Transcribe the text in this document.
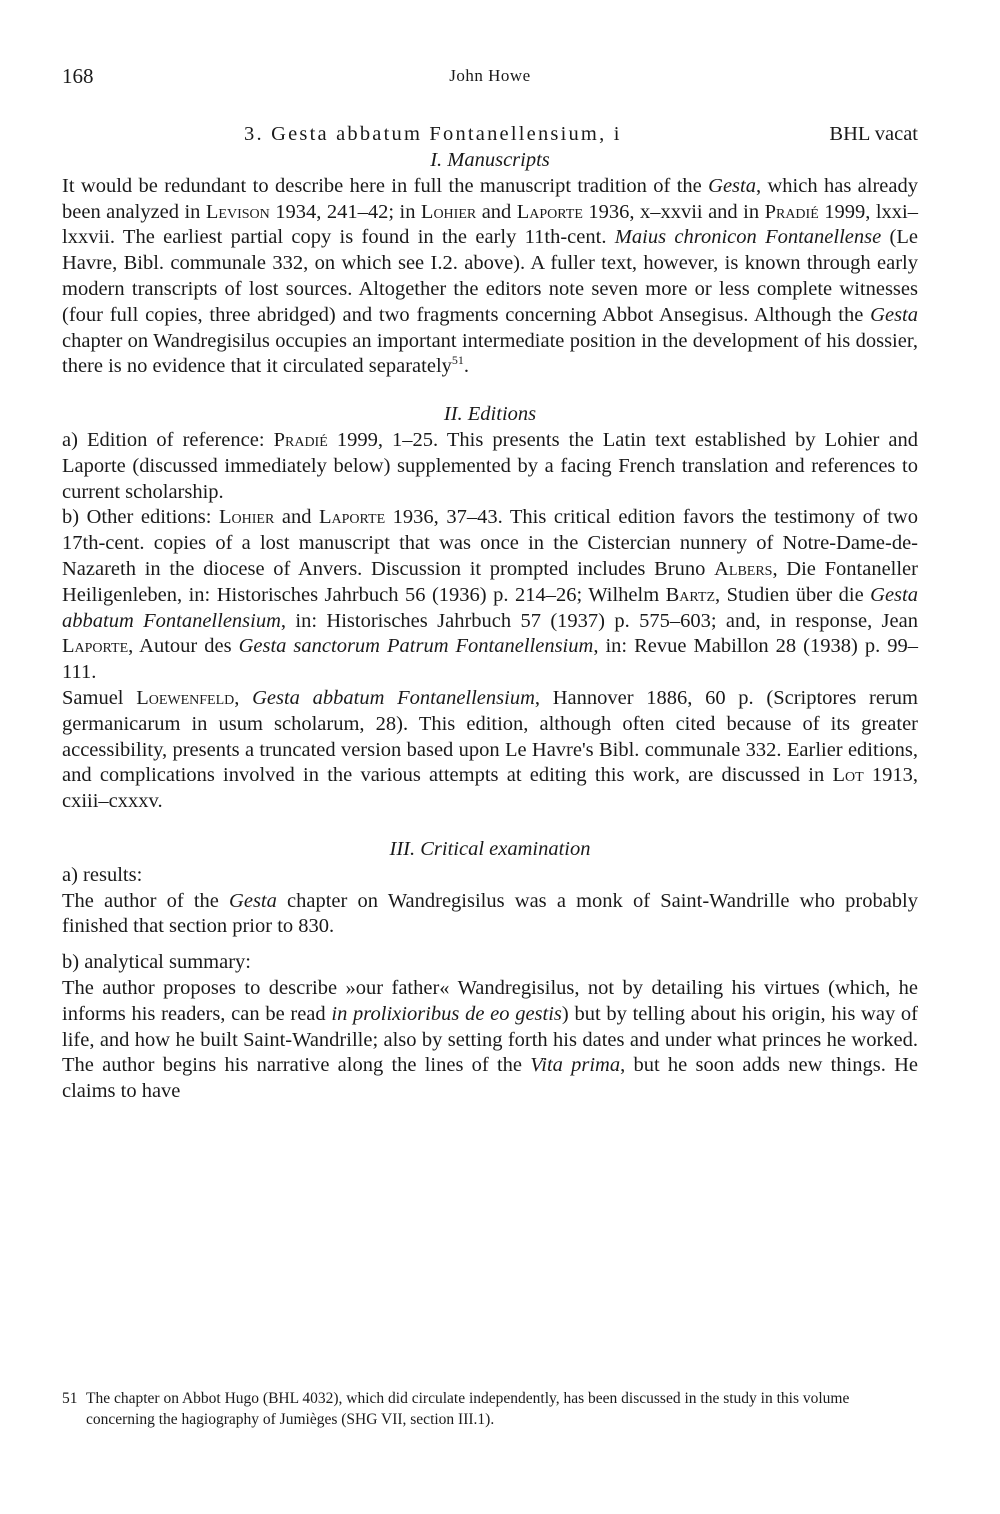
168	John Howe
3. Gesta abbatum Fontanellensium, i	BHL vacat
I. Manuscripts

It would be redundant to describe here in full the manuscript tradition of the Gesta, which has already been analyzed in Levison 1934, 241–42; in Lohier and Laporte 1936, x–xxvii and in Pradié 1999, lxxi–lxxvii. The earliest partial copy is found in the early 11th-cent. Maius chronicon Fontanellense (Le Havre, Bibl. communale 332, on which see I.2. above). A fuller text, however, is known through early modern transcripts of lost sources. Altogether the editors note seven more or less complete witnesses (four full copies, three abridged) and two fragments concerning Abbot Ansegisus. Although the Gesta chapter on Wandregisilus occupies an important intermediate position in the development of his dossier, there is no evidence that it circulated separately$^{51}$.

II. Editions

a) Edition of reference: Pradié 1999, 1–25. This presents the Latin text established by Lohier and Laporte (discussed immediately below) supplemented by a facing French translation and references to current scholarship.

b) Other editions: Lohier and Laporte 1936, 37–43. This critical edition favors the testimony of two 17th-cent. copies of a lost manuscript that was once in the Cistercian nunnery of Notre-Dame-de-Nazareth in the diocese of Anvers. Discussion it prompted includes Bruno Albers, Die Fontaneller Heiligenleben, in: Historisches Jahrbuch 56 (1936) p. 214–26; Wilhelm Bartz, Studien über die Gesta abbatum Fontanellensium, in: Historisches Jahrbuch 57 (1937) p. 575–603; and, in response, Jean Laporte, Autour des Gesta sanctorum Patrum Fontanellensium, in: Revue Mabillon 28 (1938) p. 99–111.

Samuel Loewenfeld, Gesta abbatum Fontanellensium, Hannover 1886, 60 p. (Scriptores rerum germanicarum in usum scholarum, 28). This edition, although often cited because of its greater accessibility, presents a truncated version based upon Le Havre's Bibl. communale 332. Earlier editions, and complications involved in the various attempts at editing this work, are discussed in Lot 1913, cxiii–cxxxv.

III. Critical examination

a) results:

The author of the Gesta chapter on Wandregisilus was a monk of Saint-Wandrille who probably finished that section prior to 830.

b) analytical summary:

The author proposes to describe »our father« Wandregisilus, not by detailing his virtues (which, he informs his readers, can be read in prolixioribus de eo gestis) but by telling about his origin, his way of life, and how he built Saint-Wandrille; also by setting forth his dates and under what princes he worked. The author begins his narrative along the lines of the Vita prima, but he soon adds new things. He claims to have

51 The chapter on Abbot Hugo (BHL 4032), which did circulate independently, has been discussed in the study in this volume concerning the hagiography of Jumièges (SHG VII, section III.1).
